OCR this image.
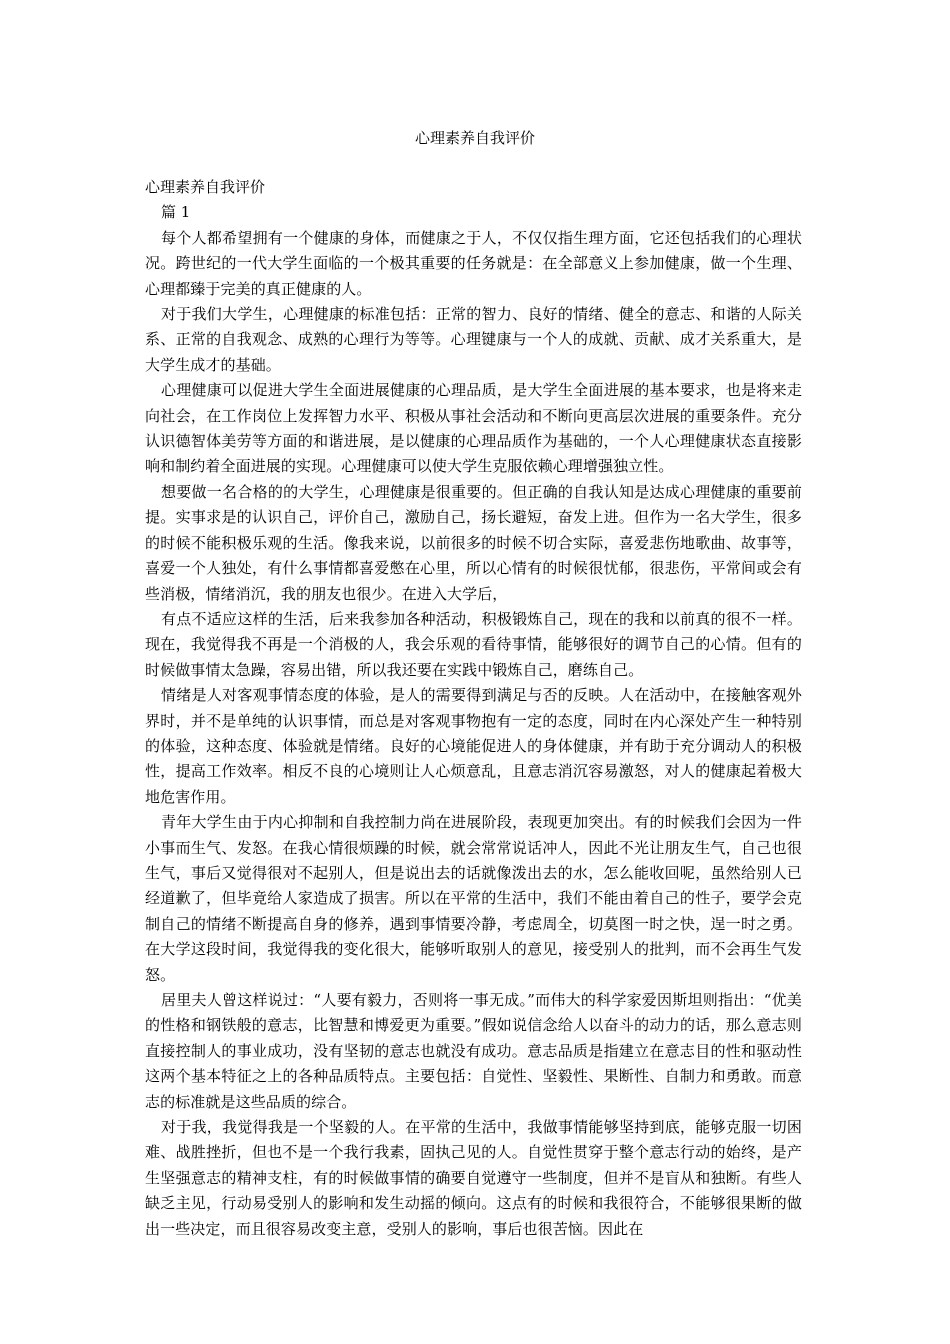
心理素养自我评价

心理素养自我评价

篇 1

每个人都希望拥有一个健康的身体，而健康之于人，不仅仅指生理方面，它还包括我们的心理状况。跨世纪的一代大学生面临的一个极其重要的任务就是：在全部意义上参加健康，做一个生理、心理都臻于完美的真正健康的人。

对于我们大学生，心理健康的标准包括：正常的智力、良好的情绪、健全的意志、和谐的人际关系、正常的自我观念、成熟的心理行为等等。心理键康与一个人的成就、贡献、成才关系重大，是大学生成才的基础。

心理健康可以促进大学生全面进展健康的心理品质，是大学生全面进展的基本要求，也是将来走向社会，在工作岗位上发挥智力水平、积极从事社会活动和不断向更高层次进展的重要条件。充分认识德智体美劳等方面的和谐进展，是以健康的心理品质作为基础的，一个人心理健康状态直接影响和制约着全面进展的实现。心理健康可以使大学生克服依赖心理增强独立性。

想要做一名合格的的大学生，心理健康是很重要的。但正确的自我认知是达成心理健康的重要前提。实事求是的认识自己，评价自己，激励自己，扬长避短，奋发上进。但作为一名大学生，很多的时候不能积极乐观的生活。像我来说，以前很多的时候不切合实际，喜爱悲伤地歌曲、故事等，喜爱一个人独处，有什么事情都喜爱憋在心里，所以心情有的时候很忧郁，很悲伤，平常间或会有些消极，情绪消沉，我的朋友也很少。在进入大学后，

有点不适应这样的生活，后来我参加各种活动，积极锻炼自己，现在的我和以前真的很不一样。现在，我觉得我不再是一个消极的人，我会乐观的看待事情，能够很好的调节自己的心情。但有的时候做事情太急躁，容易出错，所以我还要在实践中锻炼自己，磨练自己。

情绪是人对客观事情态度的体验，是人的需要得到满足与否的反映。人在活动中，在接触客观外界时，并不是单纯的认识事情，而总是对客观事物抱有一定的态度，同时在内心深处产生一种特别的体验，这种态度、体验就是情绪。良好的心境能促进人的身体健康，并有助于充分调动人的积极性，提高工作效率。相反不良的心境则让人心烦意乱，且意志消沉容易激怒，对人的健康起着极大地危害作用。

青年大学生由于内心抑制和自我控制力尚在进展阶段，表现更加突出。有的时候我们会因为一件小事而生气、发怒。在我心情很烦躁的时候，就会常常说话冲人，因此不光让朋友生气，自己也很生气，事后又觉得很对不起别人，但是说出去的话就像泼出去的水，怎么能收回呢，虽然给别人已经道歉了，但毕竟给人家造成了损害。所以在平常的生活中，我们不能由着自己的性子，要学会克制自己的情绪不断提高自身的修养，遇到事情要冷静，考虑周全，切莫图一时之快，逞一时之勇。在大学这段时间，我觉得我的变化很大，能够听取别人的意见，接受别人的批判，而不会再生气发怒。

居里夫人曾这样说过：“人要有毅力，否则将一事无成。”而伟大的科学家爱因斯坦则指出：“优美的性格和钢铁般的意志，比智慧和博爱更为重要。”假如说信念给人以奋斗的动力的话，那么意志则直接控制人的事业成功，没有坚韧的意志也就没有成功。意志品质是指建立在意志目的性和驱动性这两个基本特征之上的各种品质特点。主要包括：自觉性、坚毅性、果断性、自制力和勇敢。而意志的标准就是这些品质的综合。

对于我，我觉得我是一个坚毅的人。在平常的生活中，我做事情能够坚持到底，能够克服一切困难、战胜挫折，但也不是一个我行我素，固执己见的人。自觉性贯穿于整个意志行动的始终，是产生坚强意志的精神支柱，有的时候做事情的确要自觉遵守一些制度，但并不是盲从和独断。有些人缺乏主见，行动易受别人的影响和发生动摇的倾向。这点有的时候和我很符合，不能够很果断的做出一些决定，而且很容易改变主意，受别人的影响，事后也很苦恼。因此在
